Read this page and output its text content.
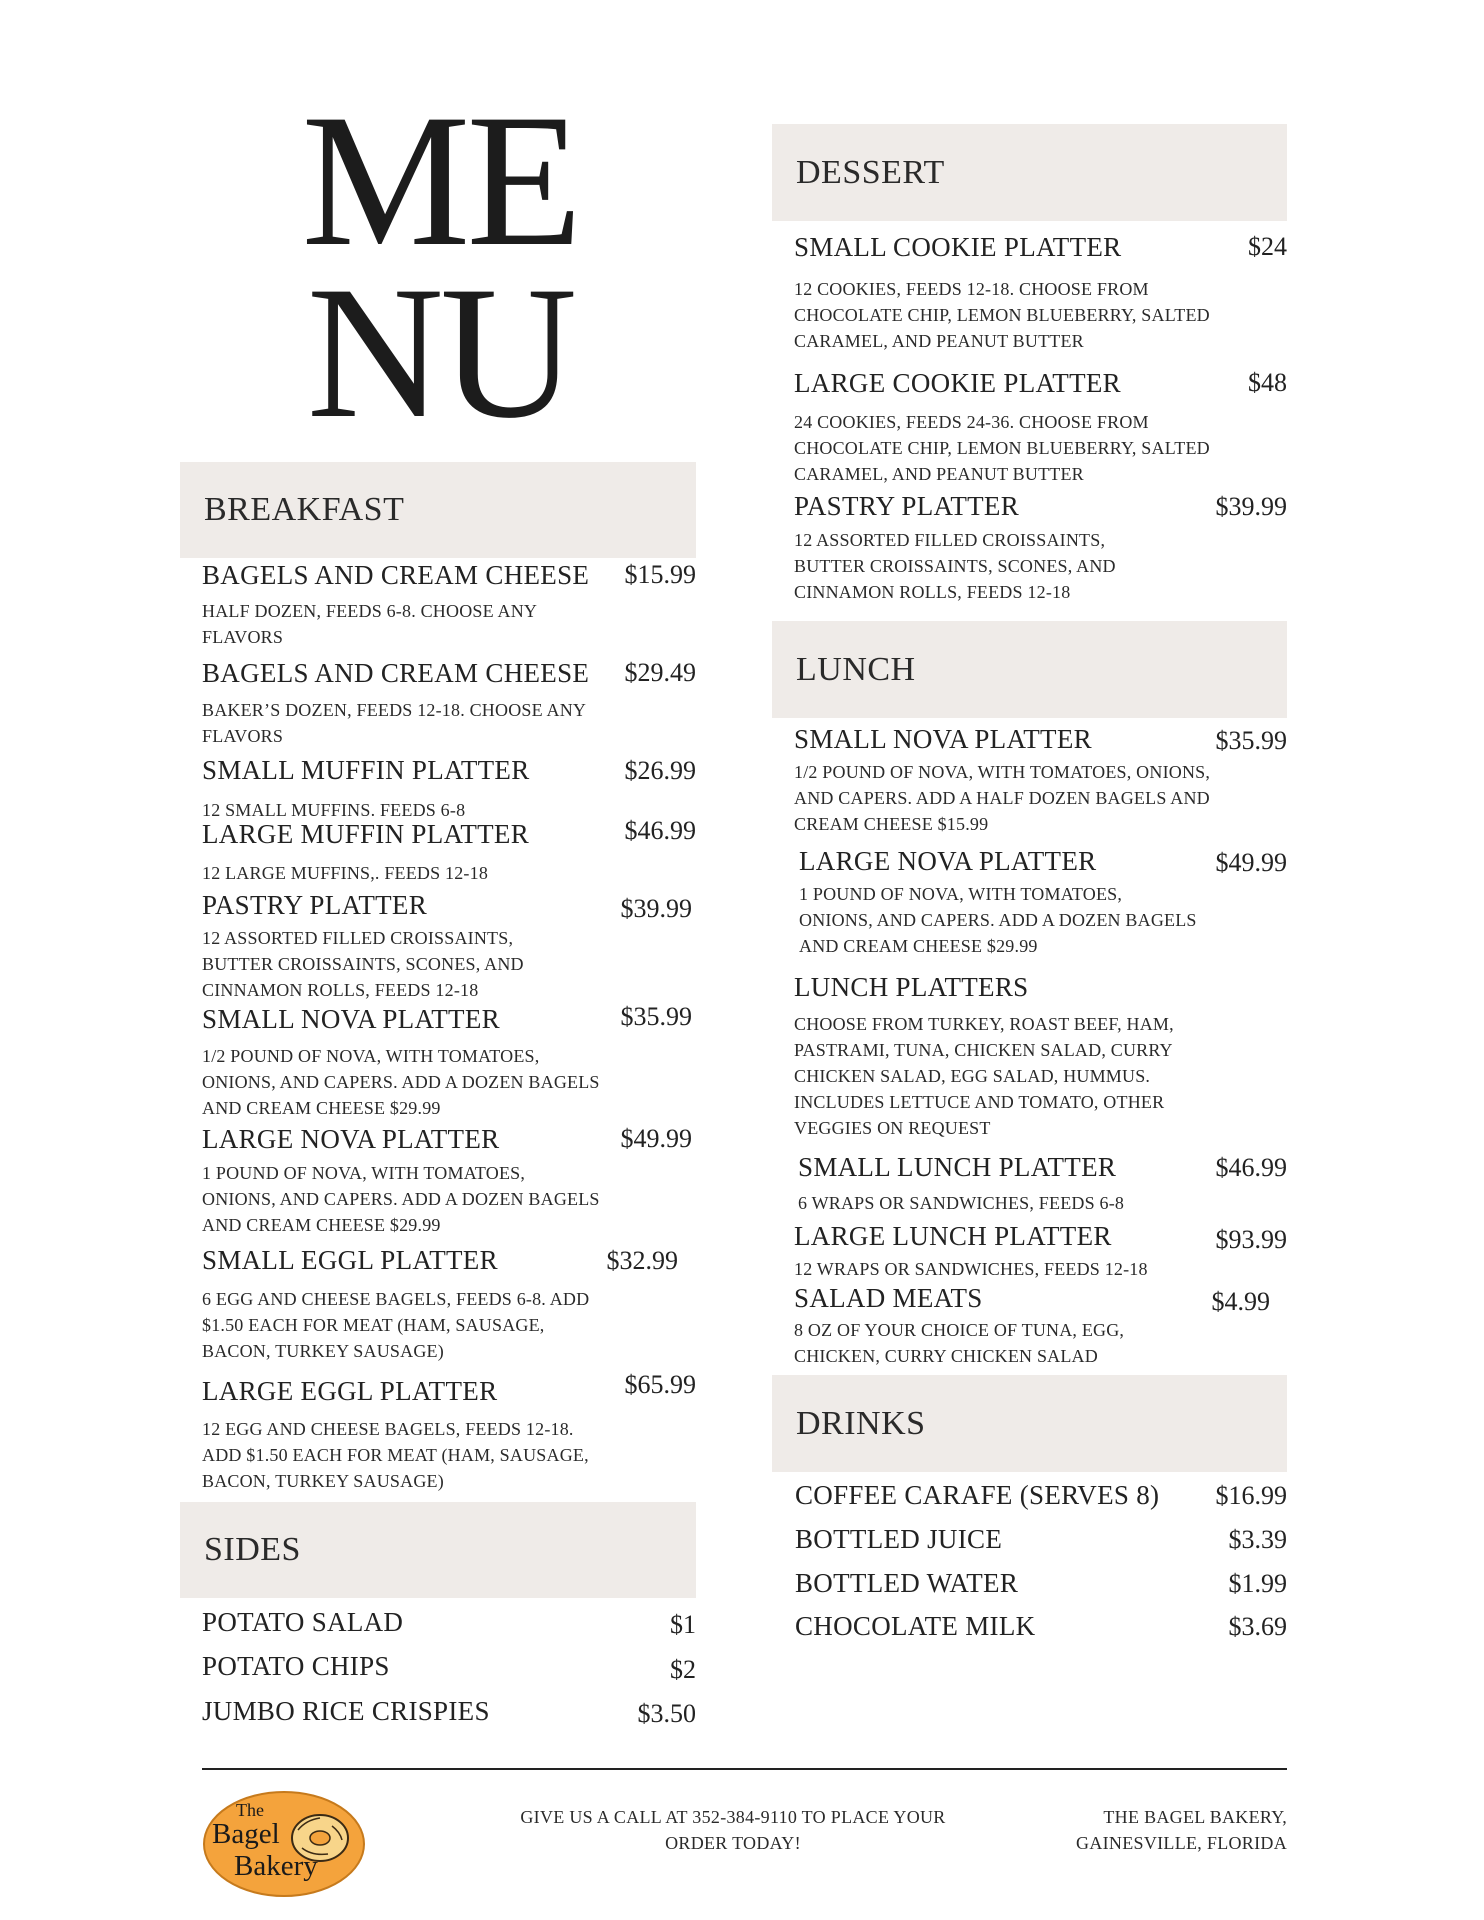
ME
NU
BREAKFAST
BAGELS AND CREAM CHEESE	$15.99
HALF DOZEN, FEEDS 6-8. CHOOSE ANY FLAVORS
BAGELS AND CREAM CHEESE	$29.49
BAKER’S DOZEN, FEEDS 12-18. CHOOSE ANY FLAVORS
SMALL MUFFIN PLATTER	$26.99
12 SMALL MUFFINS. FEEDS 6-8
LARGE MUFFIN PLATTER	$46.99
12 LARGE MUFFINS,. FEEDS 12-18
PASTRY PLATTER	$39.99
12 ASSORTED FILLED CROISSAINTS, BUTTER CROISSAINTS, SCONES, AND CINNAMON ROLLS, FEEDS 12-18
SMALL NOVA PLATTER	$35.99
1/2 POUND OF NOVA, WITH TOMATOES, ONIONS, AND CAPERS. ADD A DOZEN BAGELS AND CREAM CHEESE $29.99
LARGE NOVA PLATTER	$49.99
1 POUND OF NOVA, WITH TOMATOES, ONIONS, AND CAPERS. ADD A DOZEN BAGELS AND CREAM CHEESE $29.99
SMALL EGGL PLATTER	$32.99
6 EGG AND CHEESE BAGELS, FEEDS 6-8. ADD $1.50 EACH FOR MEAT (HAM, SAUSAGE, BACON, TURKEY SAUSAGE)
LARGE EGGL PLATTER	$65.99
12 EGG AND CHEESE BAGELS, FEEDS 12-18. ADD $1.50 EACH FOR MEAT (HAM, SAUSAGE, BACON, TURKEY SAUSAGE)
SIDES
POTATO SALAD	$1
POTATO CHIPS	$2
JUMBO RICE CRISPIES	$3.50
DESSERT
SMALL COOKIE PLATTER	$24
12 COOKIES, FEEDS 12-18. CHOOSE FROM CHOCOLATE CHIP, LEMON BLUEBERRY, SALTED CARAMEL, AND PEANUT BUTTER
LARGE COOKIE PLATTER	$48
24 COOKIES, FEEDS 24-36. CHOOSE FROM CHOCOLATE CHIP, LEMON BLUEBERRY, SALTED CARAMEL, AND PEANUT BUTTER
PASTRY PLATTER	$39.99
12 ASSORTED FILLED CROISSAINTS, BUTTER CROISSAINTS, SCONES, AND CINNAMON ROLLS, FEEDS 12-18
LUNCH
SMALL NOVA PLATTER	$35.99
1/2 POUND OF NOVA, WITH TOMATOES, ONIONS, AND CAPERS. ADD A HALF DOZEN BAGELS AND CREAM CHEESE $15.99
LARGE NOVA PLATTER	$49.99
1 POUND OF NOVA, WITH TOMATOES, ONIONS, AND CAPERS. ADD A DOZEN BAGELS AND CREAM CHEESE $29.99
LUNCH PLATTERS
CHOOSE FROM TURKEY, ROAST BEEF, HAM, PASTRAMI, TUNA, CHICKEN SALAD, CURRY CHICKEN SALAD, EGG SALAD, HUMMUS. INCLUDES LETTUCE AND TOMATO, OTHER VEGGIES ON REQUEST
SMALL LUNCH PLATTER	$46.99
6 WRAPS OR SANDWICHES, FEEDS 6-8
LARGE LUNCH PLATTER	$93.99
12 WRAPS OR SANDWICHES, FEEDS 12-18
SALAD MEATS	$4.99
8 OZ OF YOUR CHOICE OF TUNA, EGG, CHICKEN, CURRY CHICKEN SALAD
DRINKS
COFFEE CARAFE (SERVES 8)	$16.99
BOTTLED JUICE	$3.39
BOTTLED WATER	$1.99
CHOCOLATE MILK	$3.69
The
Bagel
Bakery
GIVE US A CALL AT 352-384-9110 TO PLACE YOUR ORDER TODAY!
THE BAGEL BAKERY,
GAINESVILLE, FLORIDA
